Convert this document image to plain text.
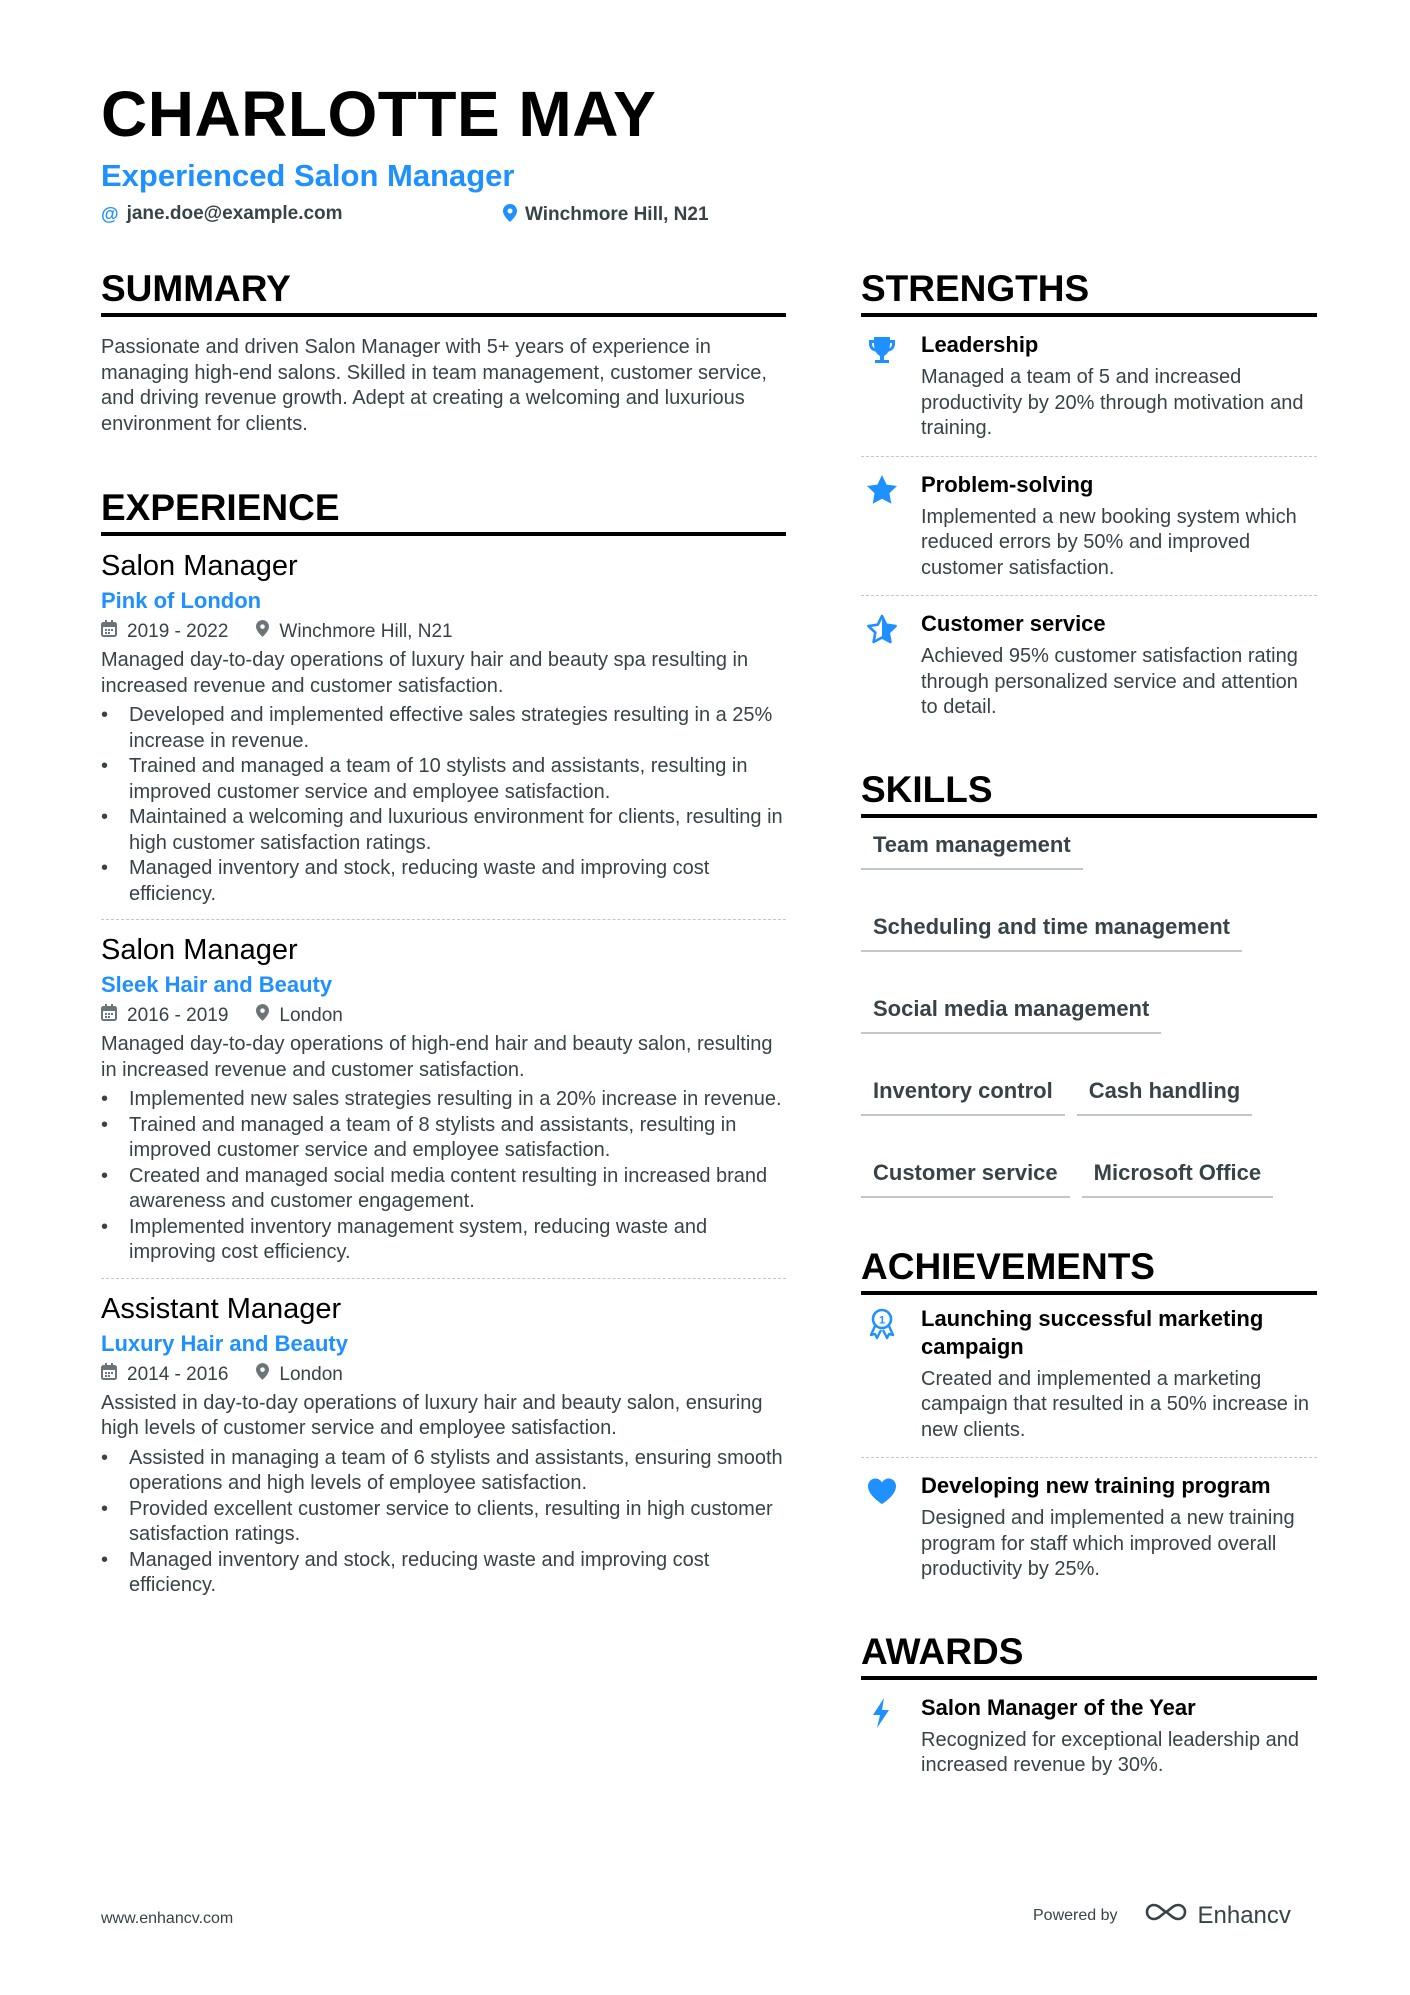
CHARLOTTE MAY
Experienced Salon Manager
@ jane.doe@example.com	Winchmore Hill, N21
SUMMARY

Passionate and driven Salon Manager with 5+ years of experience in managing high-end salons. Skilled in team management, customer service, and driving revenue growth. Adept at creating a welcoming and luxurious environment for clients.

EXPERIENCE

Salon Manager

Pink of London

2019 - 2022	Winchmore Hill, N21

Managed day-to-day operations of luxury hair and beauty spa resulting in increased revenue and customer satisfaction.

• Developed and implemented effective sales strategies resulting in a 25% increase in revenue.
• Trained and managed a team of 10 stylists and assistants, resulting in improved customer service and employee satisfaction.
• Maintained a welcoming and luxurious environment for clients, resulting in high customer satisfaction ratings.
• Managed inventory and stock, reducing waste and improving cost efficiency.

Salon Manager

Sleek Hair and Beauty

2016 - 2019	London

Managed day-to-day operations of high-end hair and beauty salon, resulting in increased revenue and customer satisfaction.

• Implemented new sales strategies resulting in a 20% increase in revenue.
• Trained and managed a team of 8 stylists and assistants, resulting in improved customer service and employee satisfaction.
• Created and managed social media content resulting in increased brand awareness and customer engagement.
• Implemented inventory management system, reducing waste and improving cost efficiency.

Assistant Manager

Luxury Hair and Beauty

2014 - 2016	London

Assisted in day-to-day operations of luxury hair and beauty salon, ensuring high levels of customer service and employee satisfaction.

• Assisted in managing a team of 6 stylists and assistants, ensuring smooth operations and high levels of employee satisfaction.
• Provided excellent customer service to clients, resulting in high customer satisfaction ratings.
• Managed inventory and stock, reducing waste and improving cost efficiency.
STRENGTHS

Leadership

Managed a team of 5 and increased productivity by 20% through motivation and training.

Problem-solving

Implemented a new booking system which reduced errors by 50% and improved customer satisfaction.

Customer service

Achieved 95% customer satisfaction rating through personalized service and attention to detail.

SKILLS
Team management
Scheduling and time management
Social media management
Inventory control	Cash handling
Customer service	Microsoft Office
ACHIEVEMENTS
1 Launching successful marketing campaign

Created and implemented a marketing campaign that resulted in a 50% increase in new clients.

Developing new training program

Designed and implemented a new training program for staff which improved overall productivity by 25%.

AWARDS

Salon Manager of the Year

Recognized for exceptional leadership and increased revenue by 30%.

www.enhancv.com	Powered by	Enhancv
